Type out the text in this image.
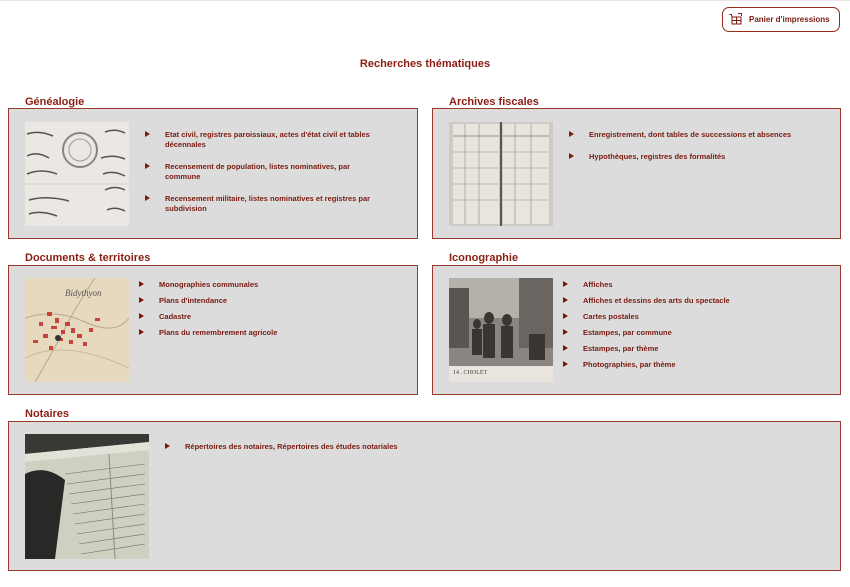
Panier d'impressions
Recherches thématiques
Généalogie
Etat civil, registres paroissiaux, actes d'état civil et tables décennales
Recensement de population, listes nominatives, par commune
Recensement militaire, listes nominatives et registres par subdivision
Archives fiscales
Enregistrement, dont tables de successions et absences
Hypothèques, registres des formalités
Documents & territoires
Bidythyon
Monographies communales
Plans d'intendance
Cadastre
Plans du remembrement agricole
Iconographie
14 . CHOLET
Affiches
Affiches et dessins des arts du spectacle
Cartes postales
Estampes, par commune
Estampes, par thème
Photographies, par thème
Notaires
Répertoires des notaires, Répertoires des études notariales
